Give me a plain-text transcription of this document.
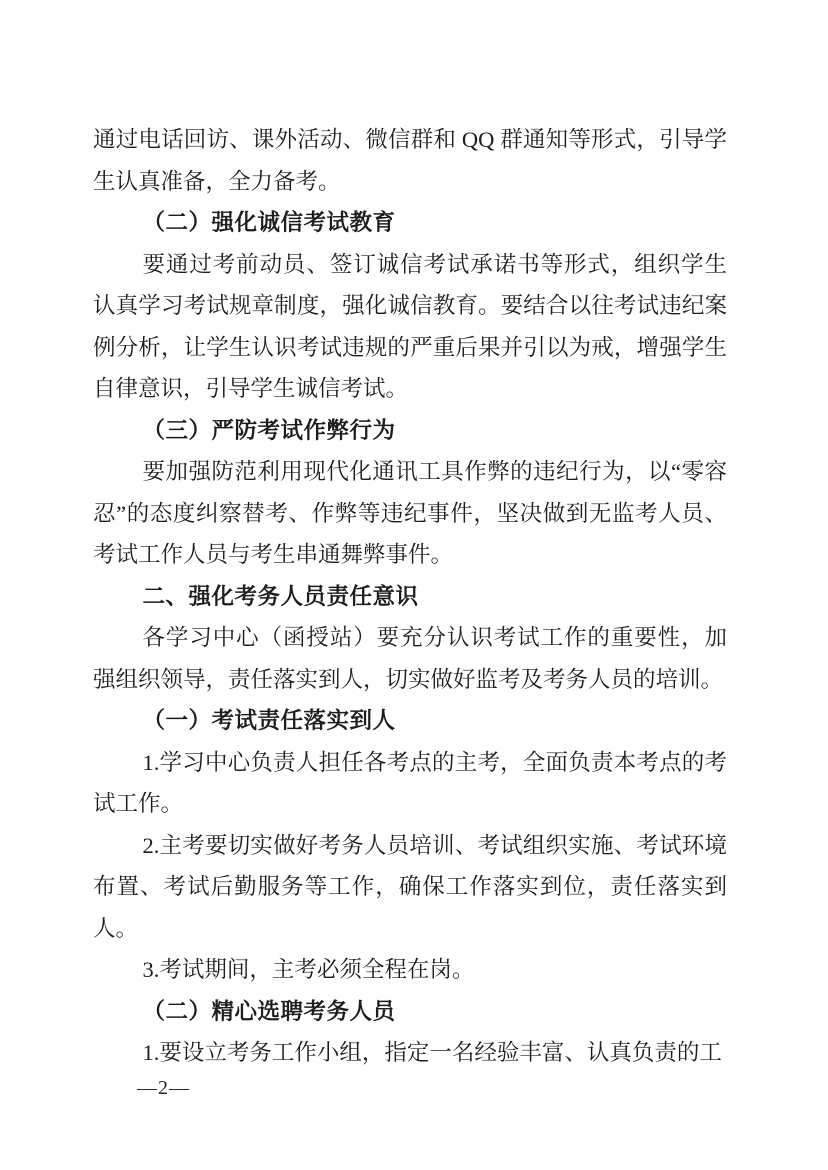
通过电话回访、课外活动、微信群和 QQ 群通知等形式，引导学生认真准备，全力备考。
（二）强化诚信考试教育
要通过考前动员、签订诚信考试承诺书等形式，组织学生认真学习考试规章制度，强化诚信教育。要结合以往考试违纪案例分析，让学生认识考试违规的严重后果并引以为戒，增强学生自律意识，引导学生诚信考试。
（三）严防考试作弊行为
要加强防范利用现代化通讯工具作弊的违纪行为，以“零容忍”的态度纠察替考、作弊等违纪事件，坚决做到无监考人员、考试工作人员与考生串通舞弊事件。
二、强化考务人员责任意识
各学习中心（函授站）要充分认识考试工作的重要性，加强组织领导，责任落实到人，切实做好监考及考务人员的培训。
（一）考试责任落实到人
1.学习中心负责人担任各考点的主考，全面负责本考点的考试工作。
2.主考要切实做好考务人员培训、考试组织实施、考试环境布置、考试后勤服务等工作，确保工作落实到位，责任落实到人。
3.考试期间，主考必须全程在岗。
（二）精心选聘考务人员
1.要设立考务工作小组，指定一名经验丰富、认真负责的工
—2—
